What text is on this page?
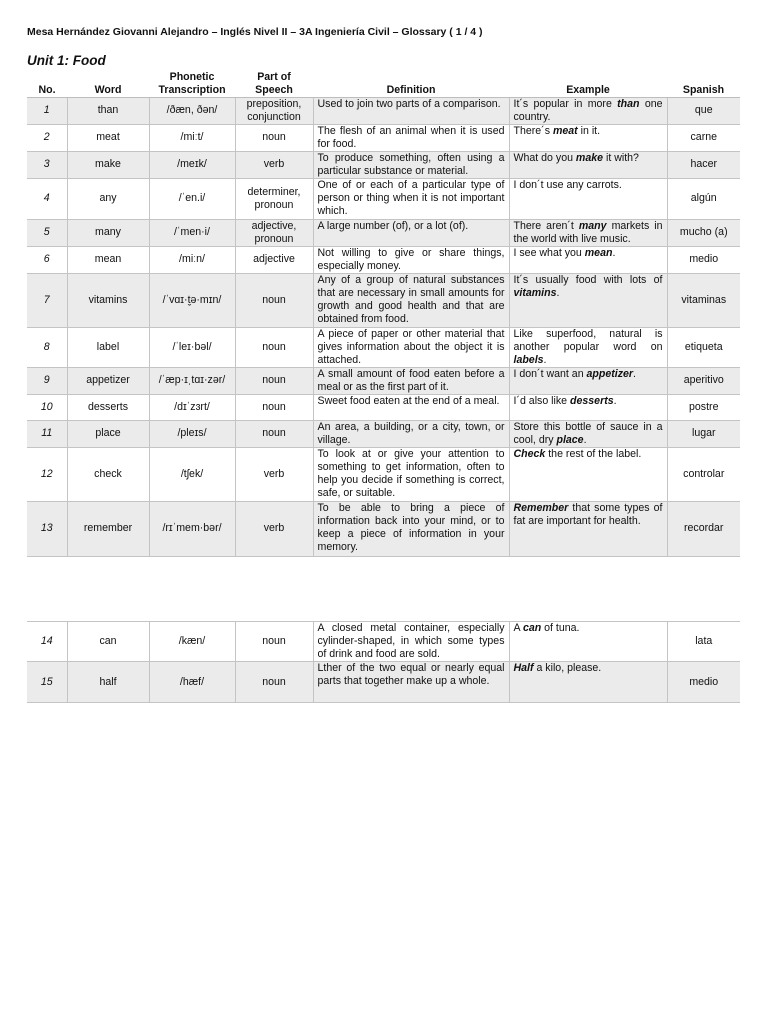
Mesa Hernández Giovanni Alejandro – Inglés Nivel II – 3A Ingeniería Civil – Glossary ( 1 / 4 )
Unit 1: Food
No.	Word	Phonetic Transcription	Part of Speech	Definition	Example	Spanish
1	than	/ðæn, ðən/	preposition, conjunction	Used to join two parts of a comparison.	It´s popular in more than one country.	que
2	meat	/miːt/	noun	The flesh of an animal when it is used for food.	There´s meat in it.	carne
3	make	/meɪk/	verb	To produce something, often using a particular substance or material.	What do you make it with?	hacer
4	any	/ˈen.i/	determiner, pronoun	One of or each of a particular type of person or thing when it is not important which.	I don´t use any carrots.	algún
5	many	/ˈmen·i/	adjective, pronoun	A large number (of), or a lot (of).	There aren´t many markets in the world with live music.	mucho (a)
6	mean	/miːn/	adjective	Not willing to give or share things, especially money.	I see what you mean.	medio
7	vitamins	/ˈvɑɪ·t̬ə·mɪn/	noun	Any of a group of natural substances that are necessary in small amounts for growth and good health and that are obtained from food.	It´s usually food with lots of vitamins.	vitaminas
8	label	/ˈleɪ·bəl/	noun	A piece of paper or other material that gives information about the object it is attached.	Like superfood, natural is another popular word on labels.	etiqueta
9	appetizer	/ˈæp·ɪˌtɑɪ·zər/	noun	A small amount of food eaten before a meal or as the first part of it.	I don´t want an appetizer.	aperitivo
10	desserts	/dɪˈzɜrt/	noun	Sweet food eaten at the end of a meal.	I´d also like desserts.	postre
11	place	/pleɪs/	noun	An area, a building, or a city, town, or village.	Store this bottle of sauce in a cool, dry place.	lugar
12	check	/tʃek/	verb	To look at or give your attention to something to get information, often to help you decide if something is correct, safe, or suitable.	Check the rest of the label.	controlar
13	remember	/rɪˈmem·bər/	verb	To be able to bring a piece of information back into your mind, or to keep a piece of information in your memory.	Remember that some types of fat are important for health.	recordar
14	can	/kæn/	noun	A closed metal container, especially cylinder-shaped, in which some types of drink and food are sold.	A can of tuna.	lata
15	half	/hæf/	noun	Lther of the two equal or nearly equal parts that together make up a whole.	Half a kilo, please.	medio
